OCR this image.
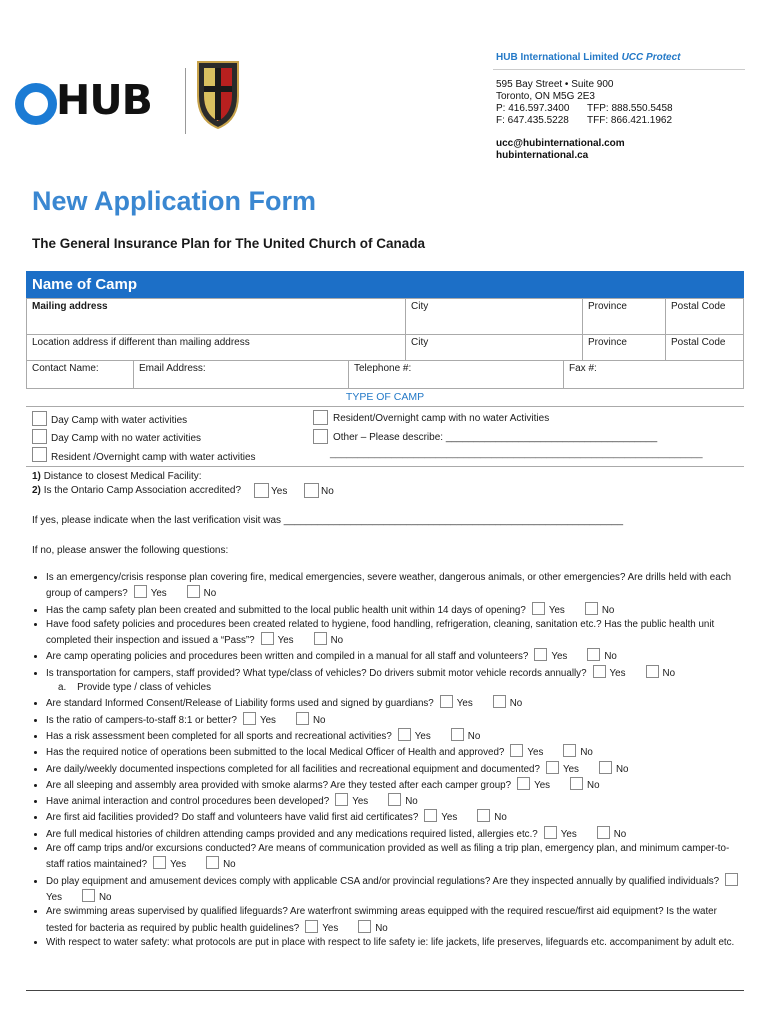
HUB
HUB International Limited UCC Protect
595 Bay Street • Suite 900
Toronto, ON M5G 2E3
P: 416.597.3400 TFP: 888.550.5458
F: 647.435.5228 TFF: 866.421.1962
ucc@hubinternational.com
hubinternational.ca
New Application Form
The General Insurance Plan for The United Church of Canada
Name of Camp
Mailing address	City	Province	Postal Code
Location address if different than mailing address	City	Province	Postal Code
Contact Name:	Email Address:	Telephone #:	Fax #:
TYPE OF CAMP
Day Camp with water activities
Day Camp with no water activities
Resident /Overnight camp with water activities
Resident/Overnight camp with no water Activities
Other – Please describe: ______________________________________
___________________________________________________________________
1) Distance to closest Medical Facility:
2) Is the Ontario Camp Association accredited?	Yes	No
If yes, please indicate when the last verification visit was _____________________________________________________________
If no, please answer the following questions:
• Is an emergency/crisis response plan covering fire, medical emergencies, severe weather, dangerous animals, or other emergencies? Are drills held with each group of campers? Yes	No
• Has the camp safety plan been created and submitted to the local public health unit within 14 days of opening? Yes	No
• Have food safety policies and procedures been created related to hygiene, food handling, refrigeration, cleaning, sanitation etc.? Has the public health unit completed their inspection and issued a “Pass”? Yes	No
• Are camp operating policies and procedures been written and compiled in a manual for all staff and volunteers? Yes	No
• Is transportation for campers, staff provided? What type/class of vehicles? Do drivers submit motor vehicle records annually? Yes	No
a. Provide type / class of vehicles
• Are standard Informed Consent/Release of Liability forms used and signed by guardians? Yes	No
• Is the ratio of campers-to-staff 8:1 or better? Yes	No
• Has a risk assessment been completed for all sports and recreational activities? Yes	No
• Has the required notice of operations been submitted to the local Medical Officer of Health and approved? Yes	No
• Are daily/weekly documented inspections completed for all facilities and recreational equipment and documented? Yes	No
• Are all sleeping and assembly area provided with smoke alarms? Are they tested after each camper group? Yes	No
• Have animal interaction and control procedures been developed? Yes	No
• Are first aid facilities provided? Do staff and volunteers have valid first aid certificates? Yes	No
• Are full medical histories of children attending camps provided and any medications required listed, allergies etc.? Yes	No
• Are off camp trips and/or excursions conducted? Are means of communication provided as well as filing a trip plan, emergency plan, and minimum camper-to-staff ratios maintained? Yes	No
• Do play equipment and amusement devices comply with applicable CSA and/or provincial regulations? Are they inspected annually by qualified individuals?Yes	No
• Are swimming areas supervised by qualified lifeguards? Are waterfront swimming areas equipped with the required rescue/first aid equipment? Is the water tested for bacteria as required by public health guidelines? Yes	No
• With respect to water safety: what protocols are put in place with respect to life safety ie: life jackets, life preserves, lifeguards etc. accompaniment by adult etc.
